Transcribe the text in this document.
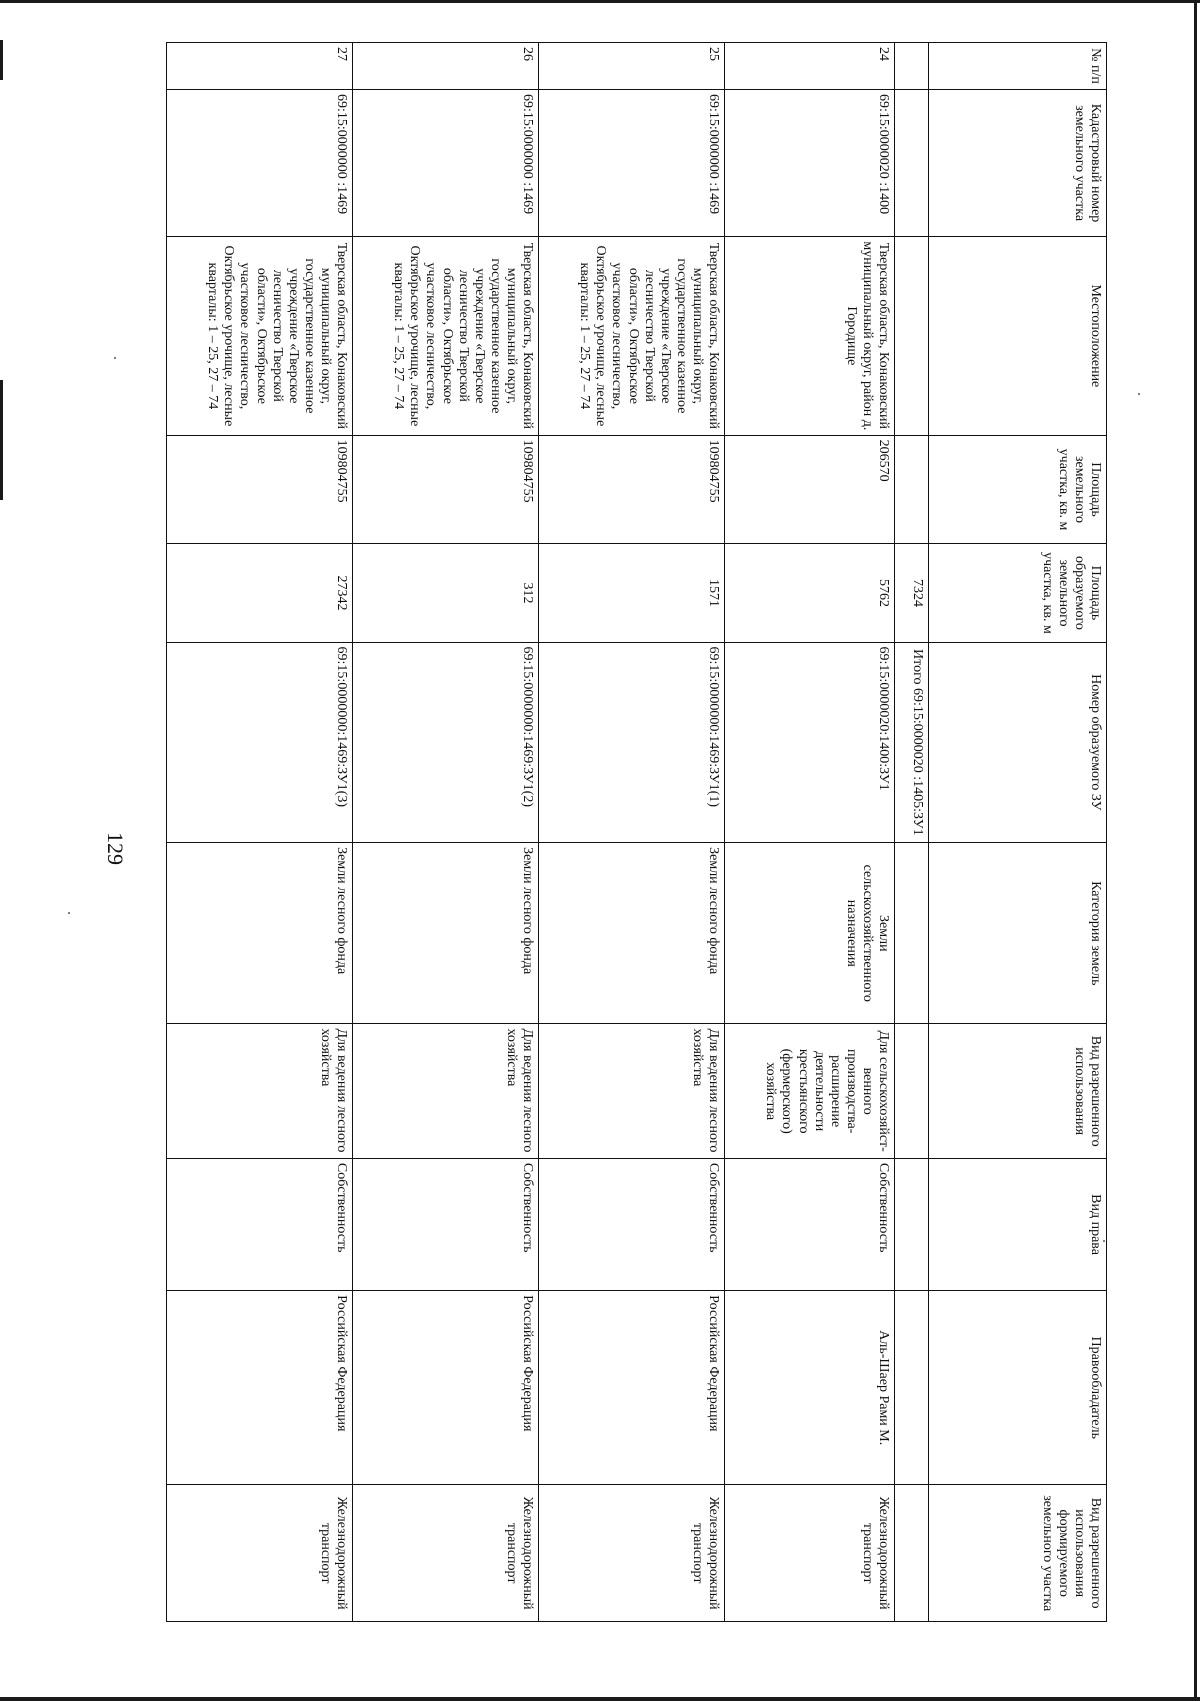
129
№ п/п	Кадастровый номер земельного участка	Местоположение	Площадь земельного участка, кв. м	Площадь образуемого земельного участка, кв. м	Номер образуемого ЗУ	Категория земель	Вид разрешенного использования	Вид права	Правообладатель	Вид разрешенного использования формируемого земельного участка
				7324	Итого 69:15:0000020 :1405:ЗУ1					
24	69:15:0000020 :1400	Тверская область, Конаковский муниципальный округ, район д. Городище	206570	5762	69:15:0000020:1400:ЗУ1	Земли сельскохозяйственного назначения	Для сельскохозяйст-венного производства-расширение деятельности крестьянского (фермерского) хозяйства	Собственность	Аль-Шаер Рами М.	Железнодорожный транспорт
25	69:15:0000000 :1469	Тверская область, Конаковский муниципальный округ, государственное казенное учреждение «Тверское лесничество Тверской области», Октябрьское участковое лесничество, Октябрьское урочище, лесные кварталы: 1 – 25, 27 – 74	109804755	1571	69:15:0000000:1469:ЗУ1(1)	Земли лесного фонда	Для ведения лесного хозяйства	Собственность	Российская Федерация	Железнодорожный транспорт
26	69:15:0000000 :1469	Тверская область, Конаковский муниципальный округ, государственное казенное учреждение «Тверское лесничество Тверской области», Октябрьское участковое лесничество, Октябрьское урочище, лесные кварталы: 1 – 25, 27 – 74	109804755	312	69:15:0000000:1469:ЗУ1(2)	Земли лесного фонда	Для ведения лесного хозяйства	Собственность	Российская Федерация	Железнодорожный транспорт
27	69:15:0000000 :1469	Тверская область, Конаковский муниципальный округ, государственное казенное учреждение «Тверское лесничество Тверской области», Октябрьское участковое лесничество, Октябрьское урочище, лесные кварталы: 1 – 25, 27 – 74	109804755	27342	69:15:0000000:1469:ЗУ1(3)	Земли лесного фонда	Для ведения лесного хозяйства	Собственность	Российская Федерация	Железнодорожный транспорт
